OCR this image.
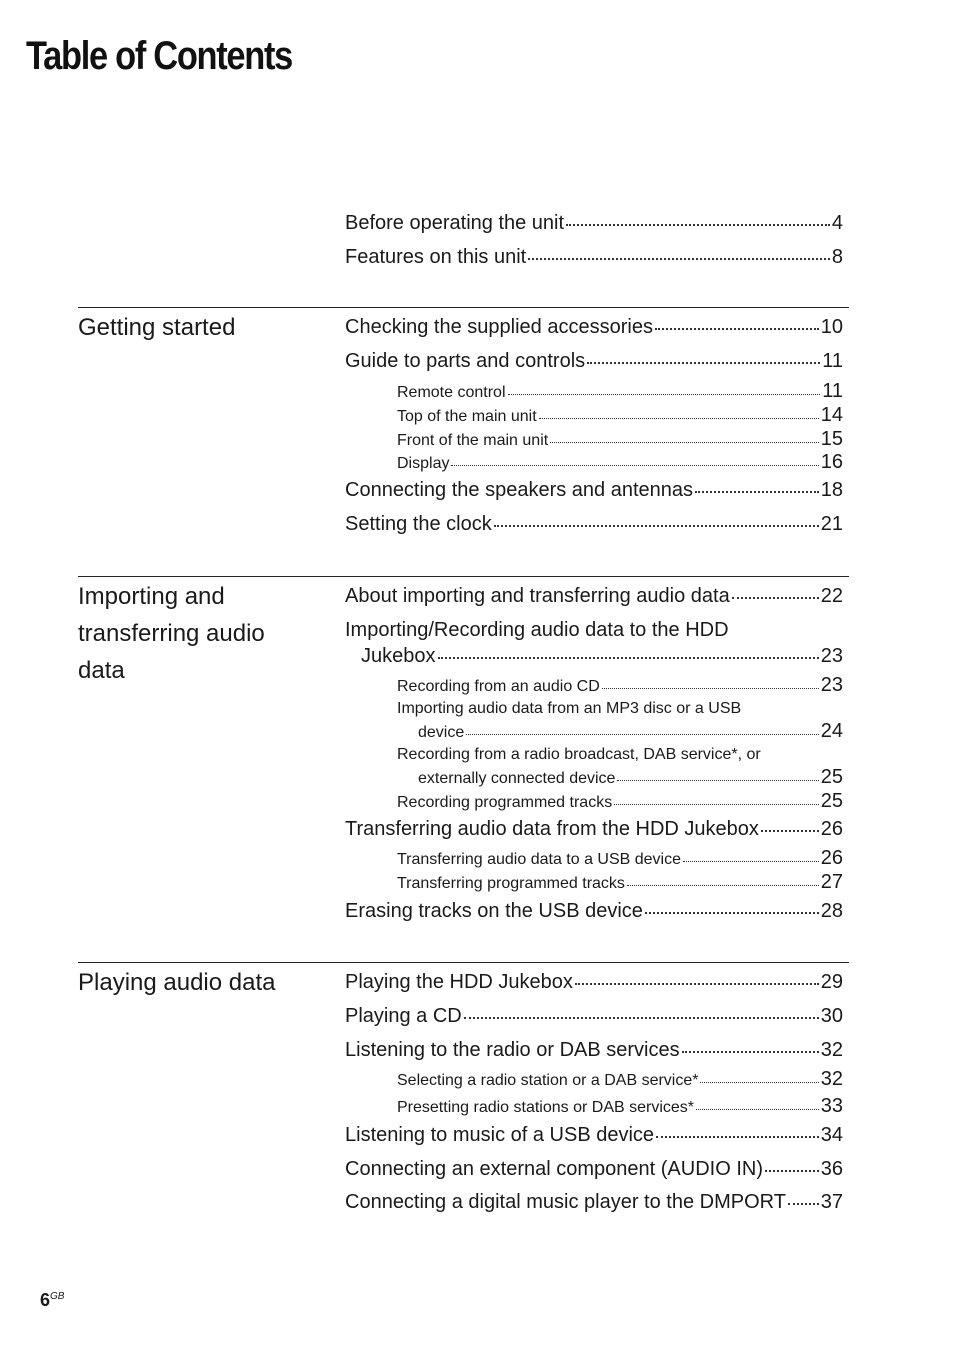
Table of Contents
Before operating the unit	4
Features on this unit	8
Getting started	Checking the supplied accessories	10
Guide to parts and controls	11
Remote control	11
Top of the main unit	14
Front of the main unit	15
Display	16
Connecting the speakers and antennas	18
Setting the clock	21
Importing and transferring audio data
About importing and transferring audio data	22
Importing/Recording audio data to the HDD
Jukebox	23
Recording from an audio CD	23
Importing audio data from an MP3 disc or a USB
device	24
Recording from a radio broadcast, DAB service*, or
externally connected device	25
Recording programmed tracks	25
Transferring audio data from the HDD Jukebox	26
Transferring audio data to a USB device	26
Transferring programmed tracks	27
Erasing tracks on the USB device	28
Playing audio data	Playing the HDD Jukebox	29
Playing a CD	30
Listening to the radio or DAB services	32
Selecting a radio station or a DAB service*	32
Presetting radio stations or DAB services*	33
Listening to music of a USB device	34
Connecting an external component (AUDIO IN)	36
Connecting a digital music player to the DMPORT 37
$6^{GB}$
